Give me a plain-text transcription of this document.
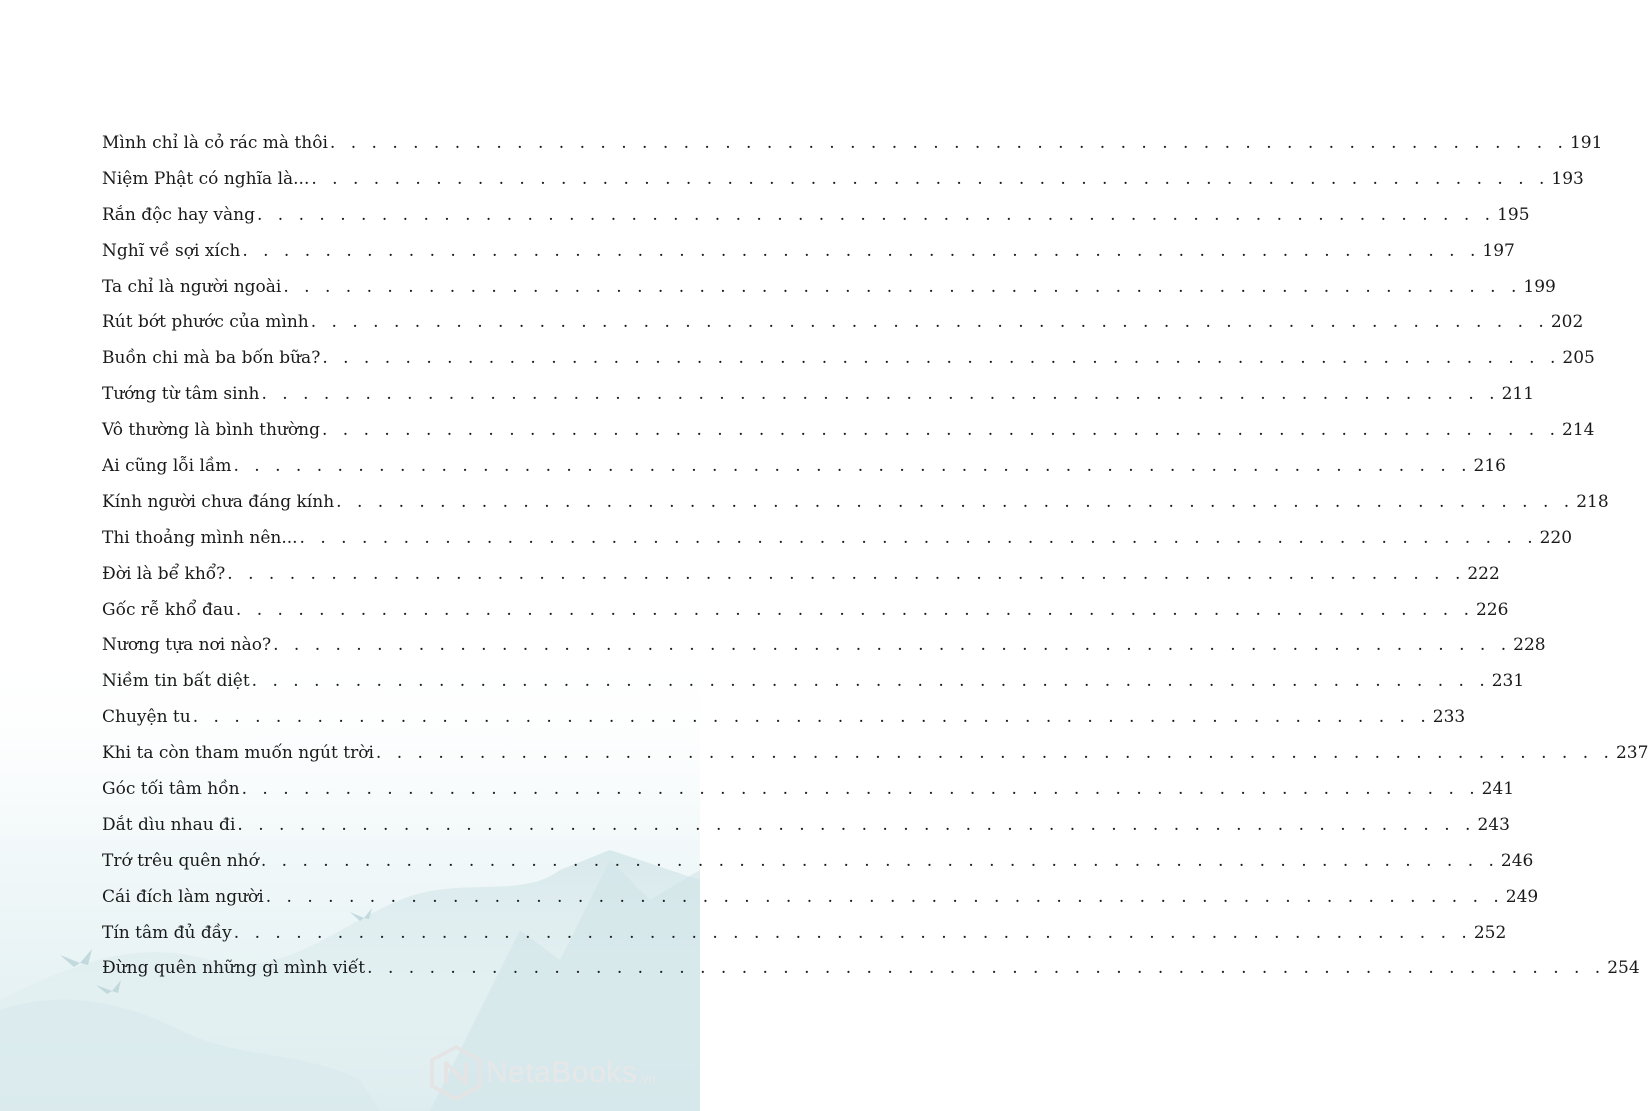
Mình chỉ là cỏ rác mà thôi . . . . . . . . . . . . . . . . . . . . . . . . . . . . . . . . . . . . . . . . . . . . . . . . . . . . . . . . . . . . 191
Niệm Phật có nghĩa là... . . . . . . . . . . . . . . . . . . . . . . . . . . . . . . . . . . . . . . . . . . . . . . . . . . . . . . . . . . . . 193
Rắn độc hay vàng . . . . . . . . . . . . . . . . . . . . . . . . . . . . . . . . . . . . . . . . . . . . . . . . . . . . . . . . . . . . 195
Nghĩ về sợi xích . . . . . . . . . . . . . . . . . . . . . . . . . . . . . . . . . . . . . . . . . . . . . . . . . . . . . . . . . . . . 197
Ta chỉ là người ngoài . . . . . . . . . . . . . . . . . . . . . . . . . . . . . . . . . . . . . . . . . . . . . . . . . . . . . . . . . . . . 199
Rút bớt phước của mình . . . . . . . . . . . . . . . . . . . . . . . . . . . . . . . . . . . . . . . . . . . . . . . . . . . . . . . . . . . . 202
Buồn chi mà ba bốn bữa? . . . . . . . . . . . . . . . . . . . . . . . . . . . . . . . . . . . . . . . . . . . . . . . . . . . . . . . . . . . . 205
Tướng từ tâm sinh . . . . . . . . . . . . . . . . . . . . . . . . . . . . . . . . . . . . . . . . . . . . . . . . . . . . . . . . . . . . 211
Vô thường là bình thường . . . . . . . . . . . . . . . . . . . . . . . . . . . . . . . . . . . . . . . . . . . . . . . . . . . . . . . . . . . . 214
Ai cũng lỗi lầm . . . . . . . . . . . . . . . . . . . . . . . . . . . . . . . . . . . . . . . . . . . . . . . . . . . . . . . . . . . . 216
Kính người chưa đáng kính . . . . . . . . . . . . . . . . . . . . . . . . . . . . . . . . . . . . . . . . . . . . . . . . . . . . . . . . . . . . 218
Thi thoảng mình nên... . . . . . . . . . . . . . . . . . . . . . . . . . . . . . . . . . . . . . . . . . . . . . . . . . . . . . . . . . . . . 220
Đời là bể khổ? . . . . . . . . . . . . . . . . . . . . . . . . . . . . . . . . . . . . . . . . . . . . . . . . . . . . . . . . . . . . 222
Gốc rễ khổ đau . . . . . . . . . . . . . . . . . . . . . . . . . . . . . . . . . . . . . . . . . . . . . . . . . . . . . . . . . . . . 226
Nương tựa nơi nào? . . . . . . . . . . . . . . . . . . . . . . . . . . . . . . . . . . . . . . . . . . . . . . . . . . . . . . . . . . . . 228
Niềm tin bất diệt . . . . . . . . . . . . . . . . . . . . . . . . . . . . . . . . . . . . . . . . . . . . . . . . . . . . . . . . . . . . 231
Chuyện tu . . . . . . . . . . . . . . . . . . . . . . . . . . . . . . . . . . . . . . . . . . . . . . . . . . . . . . . . . . . . 233
Khi ta còn tham muốn ngút trời . . . . . . . . . . . . . . . . . . . . . . . . . . . . . . . . . . . . . . . . . . . . . . . . . . . . . . . . . . . . 237
Góc tối tâm hồn . . . . . . . . . . . . . . . . . . . . . . . . . . . . . . . . . . . . . . . . . . . . . . . . . . . . . . . . . . . . 241
Dắt dìu nhau đi . . . . . . . . . . . . . . . . . . . . . . . . . . . . . . . . . . . . . . . . . . . . . . . . . . . . . . . . . . . . 243
Trớ trêu quên nhớ . . . . . . . . . . . . . . . . . . . . . . . . . . . . . . . . . . . . . . . . . . . . . . . . . . . . . . . . . . . . 246
Cái đích làm người . . . . . . . . . . . . . . . . . . . . . . . . . . . . . . . . . . . . . . . . . . . . . . . . . . . . . . . . . . . . 249
Tín tâm đủ đầy . . . . . . . . . . . . . . . . . . . . . . . . . . . . . . . . . . . . . . . . . . . . . . . . . . . . . . . . . . . . 252
Đừng quên những gì mình viết . . . . . . . . . . . . . . . . . . . . . . . . . . . . . . . . . . . . . . . . . . . . . . . . . . . . . . . . . . . . 254
NetaBooks .vn
